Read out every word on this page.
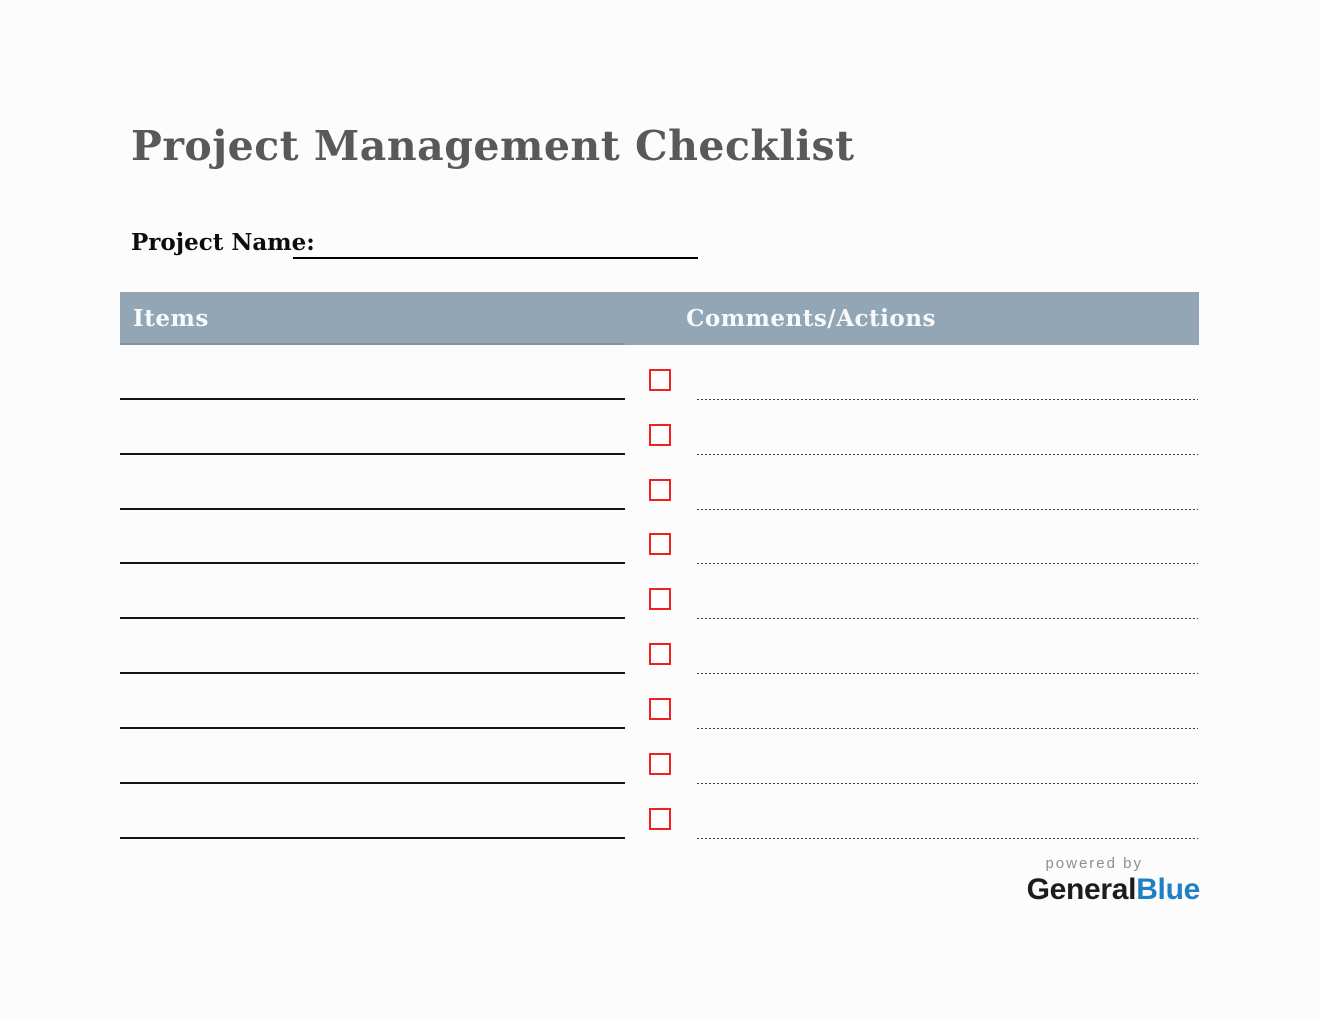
Project Management Checklist
Project Name:
Items	Comments/Actions
powered by
GeneralBlue
